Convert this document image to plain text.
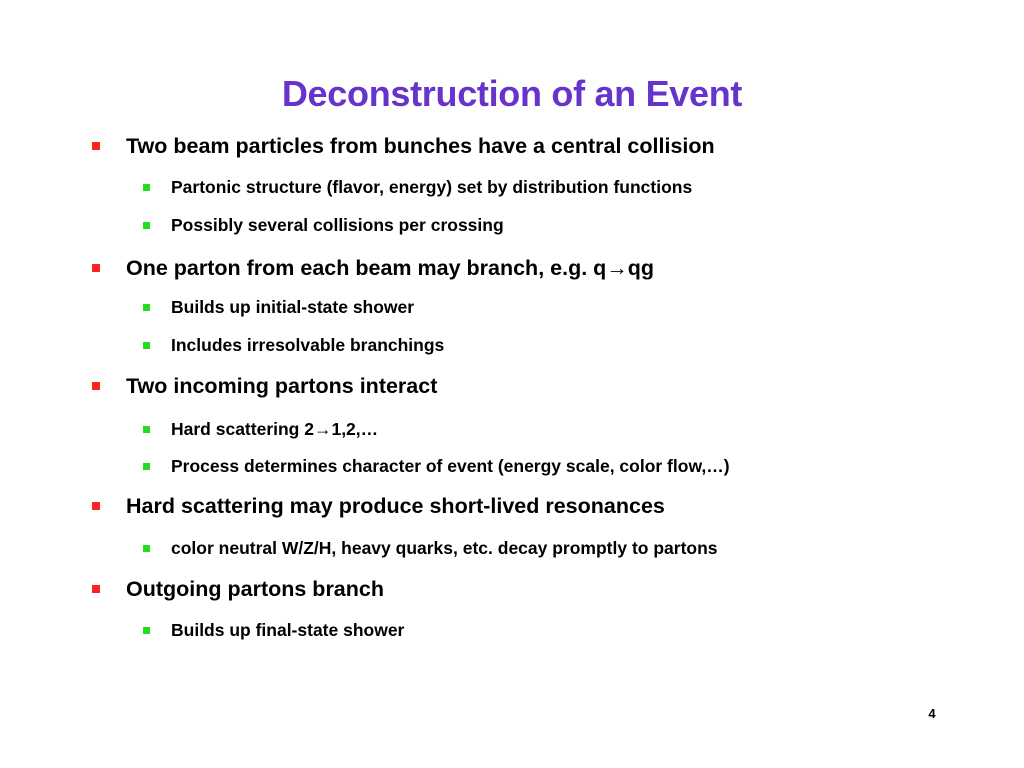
Deconstruction of an Event
Two beam particles from bunches have a central collision
Partonic structure (flavor, energy) set by distribution functions
Possibly several collisions per crossing
One parton from each beam may branch, e.g. q→qg
Builds up initial-state shower
Includes irresolvable branchings
Two incoming partons interact
Hard scattering 2→1,2,…
Process determines character of event (energy scale, color flow,…)
Hard scattering may produce short-lived resonances
color neutral W/Z/H, heavy quarks, etc. decay promptly to partons
Outgoing partons branch
Builds up final-state shower
4
